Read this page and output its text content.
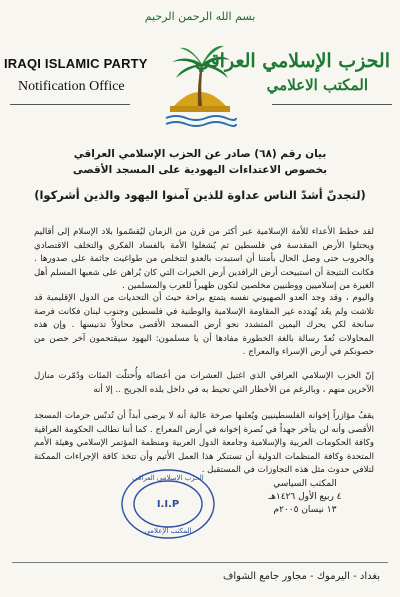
بسم الله الرحمن الرحيم
IRAQI ISLAMIC PARTY
Notification Office
الحزب الإسلامي العراقي
المكتب الاعلامي
بيان رقم (٦٨) صادر عن الحزب الإسلامي العراقي
بخصوص الاعتداءات اليهودية على المسجد الأقصى
(لتجدنّ أشدّ الناس عداوة للذين آمنوا اليهود والذين أشركوا)
لقد خطط الأعداء للأمة الإسلامية عبر أكثر من قرن من الزمان ليُقسّموا بلاد الإسلام إلى أقاليم ويحتلوا الأرض المقدسة في فلسطين ثم يُشغلوا الأمة بالفساد الفكري والتخلف الاقتصادي والحروب حتى وصل الحال بأمتنا أن استبدت بالعدو لتتخلص من طواغيت جاثمة على صدورها . فكانت النتيجة أن استبيحت أرض الرافدين أرض الخيرات التي كان يُراهن على شعبها المسلم أهل الغيرة من إسلاميين ووطنيين مخلصين لتكون ظهيراً للعرب والمسلمين .
واليوم ، وقد وجد العدو الصهيوني نفسه يتمتع براحة حيث أن التحديات من الدول الإقليمية قد تلاشت ولم يعُد يُهدده غير المقاومة الإسلامية والوطنية في فلسطين وجنوب لبنان فكانت فرصة سانحة لكي يحرك اليمين المتشدد نحو أرض المسجد الأقصى محاولاً تدنيسها . وإن هذه المحاولات تُعدّ رسالة بالغة الخطورة مفادها أن يا مسلمون: اليهود سيقتحمون آخر حصن من حصونكم في أرض الإسراء والمعراج .
إنّ الحزب الإسلامي العراقي الذي اغتيل العشرات من أعضائه وأُحتلّت المئات ودُمّرت منازل الآخرين منهم ، وبالرغم من الأخطار التي تحيط به في داخل بلده الجريح .. إلا أنه
يقفُ مؤازراً إخوانه الفلسطينيين ويُعلنها صرخة عالية أنه لا يرضى أبداً أن تُدنّس حرمات المسجد الأقصى وأنه لن يتأخر جهداً في نُصرة إخوانه في أرض المعراج . كما أننا نطالب الحكومة العراقية وكافة الحكومات العربية والإسلامية وجامعة الدول العربية ومنظمة المؤتمر الإسلامي وهيئة الأمم المتحدة وكافة المنظمات الدولية أن تستنكر هذا العمل الأثيم وأن تتخذ كافة الإجراءات الممكنة لتلافي حدوث مثل هذه التجاوزات في المستقبل .
الحزب الإسلامي العراقي
I.I.P
المكتب الإعلامي
المكتب السياسي
٤ ربيع الأول ١٤٢٦هـ
١٣ نيسان ٢٠٠٥م
بغداد - اليرموك - مجاور جامع الشواف
